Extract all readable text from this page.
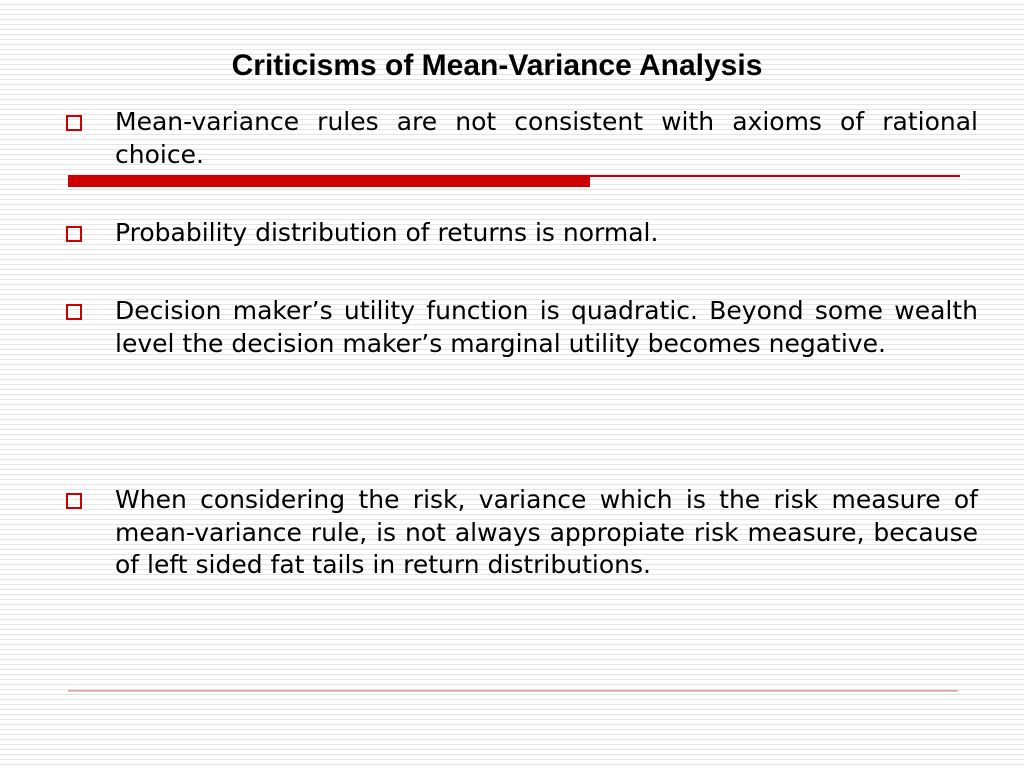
Criticisms of Mean-Variance Analysis
Mean-variance rules are not consistent with axioms of rational choice.
Probability distribution of returns is normal.
Decision maker’s utility function is quadratic. Beyond some wealth level the decision maker’s marginal utility becomes negative.
When considering the risk, variance which is the risk measure of mean-variance rule, is not always appropiate risk measure, because of left sided fat tails in return distributions.
